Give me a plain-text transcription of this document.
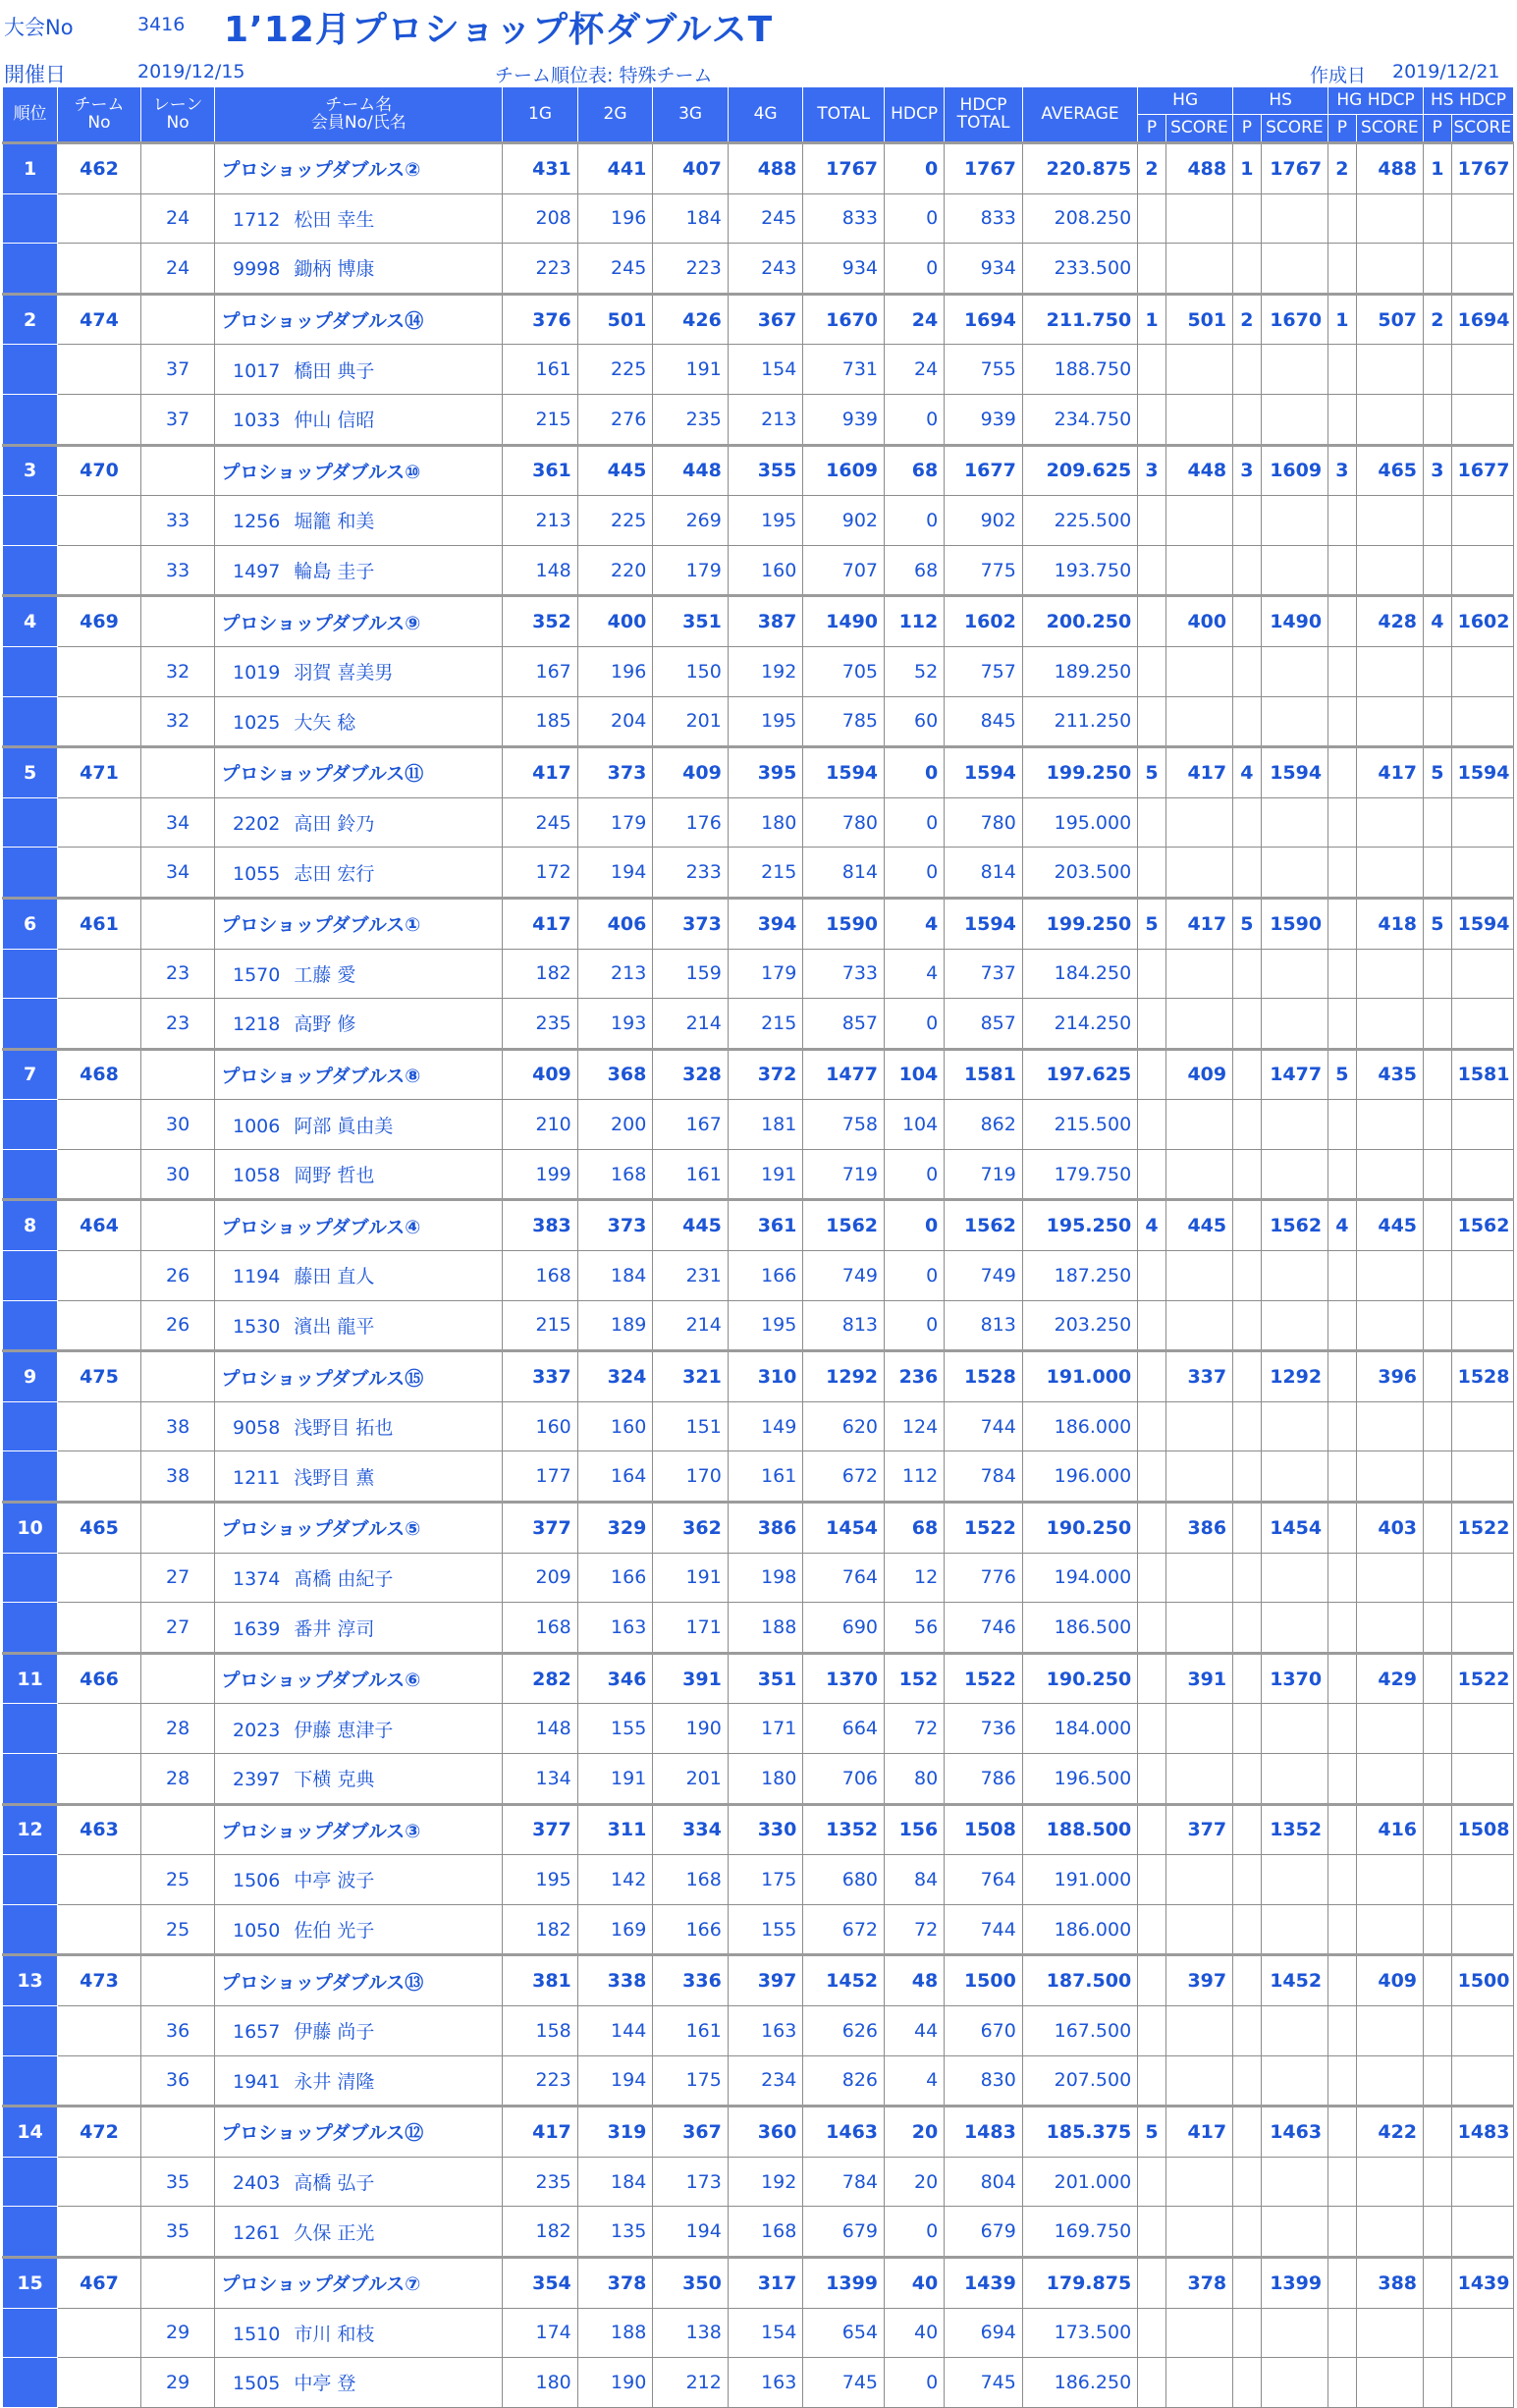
大会No	3416 1’12月プロショップ杯ダブルスT
開催日	2019/12/15	チーム順位表: 特殊チーム	作成日 2019/12/21
順位	チーム
No	レーン
No	チーム名
会員No/氏名	1G	2G	3G	4G	TOTAL	HDCP	HDCP
TOTAL	AVERAGE	HG		HS		HG HDCP		HS HDCP	
												P	SCORE	P	SCORE	P	SCORE	P	SCORE
1	462		プロショップダブルス②	431	441	407	488	1767	0	1767	220.875	2	488	1	1767	2	488	1	1767
		24	1712 松田 幸生	208	196	184	245	833	0	833	208.250								
		24	9998 鋤柄 博康	223	245	223	243	934	0	934	233.500								
2	474		プロショップダブルス⑭	376	501	426	367	1670	24	1694	211.750	1	501	2	1670	1	507	2	1694
		37	1017 橋田 典子	161	225	191	154	731	24	755	188.750								
		37	1033 仲山 信昭	215	276	235	213	939	0	939	234.750								
3	470		プロショップダブルス⑩	361	445	448	355	1609	68	1677	209.625	3	448	3	1609	3	465	3	1677
		33	1256 堀籠 和美	213	225	269	195	902	0	902	225.500								
		33	1497 輪島 圭子	148	220	179	160	707	68	775	193.750								
4	469		プロショップダブルス⑨	352	400	351	387	1490	112	1602	200.250		400		1490		428	4	1602
		32	1019 羽賀 喜美男	167	196	150	192	705	52	757	189.250								
		32	1025 大矢 稔	185	204	201	195	785	60	845	211.250								
5	471		プロショップダブルス⑪	417	373	409	395	1594	0	1594	199.250	5	417	4	1594		417	5	1594
		34	2202 高田 鈴乃	245	179	176	180	780	0	780	195.000								
		34	1055 志田 宏行	172	194	233	215	814	0	814	203.500								
6	461		プロショップダブルス①	417	406	373	394	1590	4	1594	199.250	5	417	5	1590		418	5	1594
		23	1570 工藤 愛	182	213	159	179	733	4	737	184.250								
		23	1218 高野 修	235	193	214	215	857	0	857	214.250								
7	468		プロショップダブルス⑧	409	368	328	372	1477	104	1581	197.625		409		1477	5	435		1581
		30	1006 阿部 眞由美	210	200	167	181	758	104	862	215.500								
		30	1058 岡野 哲也	199	168	161	191	719	0	719	179.750								
8	464		プロショップダブルス④	383	373	445	361	1562	0	1562	195.250	4	445		1562	4	445		1562
		26	1194 藤田 直人	168	184	231	166	749	0	749	187.250								
		26	1530 濱出 龍平	215	189	214	195	813	0	813	203.250								
9	475		プロショップダブルス⑮	337	324	321	310	1292	236	1528	191.000		337		1292		396		1528
		38	9058 浅野目 拓也	160	160	151	149	620	124	744	186.000								
		38	1211 浅野目 薫	177	164	170	161	672	112	784	196.000								
10	465		プロショップダブルス⑤	377	329	362	386	1454	68	1522	190.250		386		1454		403		1522
		27	1374 髙橋 由紀子	209	166	191	198	764	12	776	194.000								
		27	1639 番井 淳司	168	163	171	188	690	56	746	186.500								
11	466		プロショップダブルス⑥	282	346	391	351	1370	152	1522	190.250		391		1370		429		1522
		28	2023 伊藤 恵津子	148	155	190	171	664	72	736	184.000								
		28	2397 下横 克典	134	191	201	180	706	80	786	196.500								
12	463		プロショップダブルス③	377	311	334	330	1352	156	1508	188.500		377		1352		416		1508
		25	1506 中亭 波子	195	142	168	175	680	84	764	191.000								
		25	1050 佐伯 光子	182	169	166	155	672	72	744	186.000								
13	473		プロショップダブルス⑬	381	338	336	397	1452	48	1500	187.500		397		1452		409		1500
		36	1657 伊藤 尚子	158	144	161	163	626	44	670	167.500								
		36	1941 永井 清隆	223	194	175	234	826	4	830	207.500								
14	472		プロショップダブルス⑫	417	319	367	360	1463	20	1483	185.375	5	417		1463		422		1483
		35	2403 高橋 弘子	235	184	173	192	784	20	804	201.000								
		35	1261 久保 正光	182	135	194	168	679	0	679	169.750								
15	467		プロショップダブルス⑦	354	378	350	317	1399	40	1439	179.875		378		1399		388		1439
		29	1510 市川 和枝	174	188	138	154	654	40	694	173.500								
		29	1505 中亭 登	180	190	212	163	745	0	745	186.250								
